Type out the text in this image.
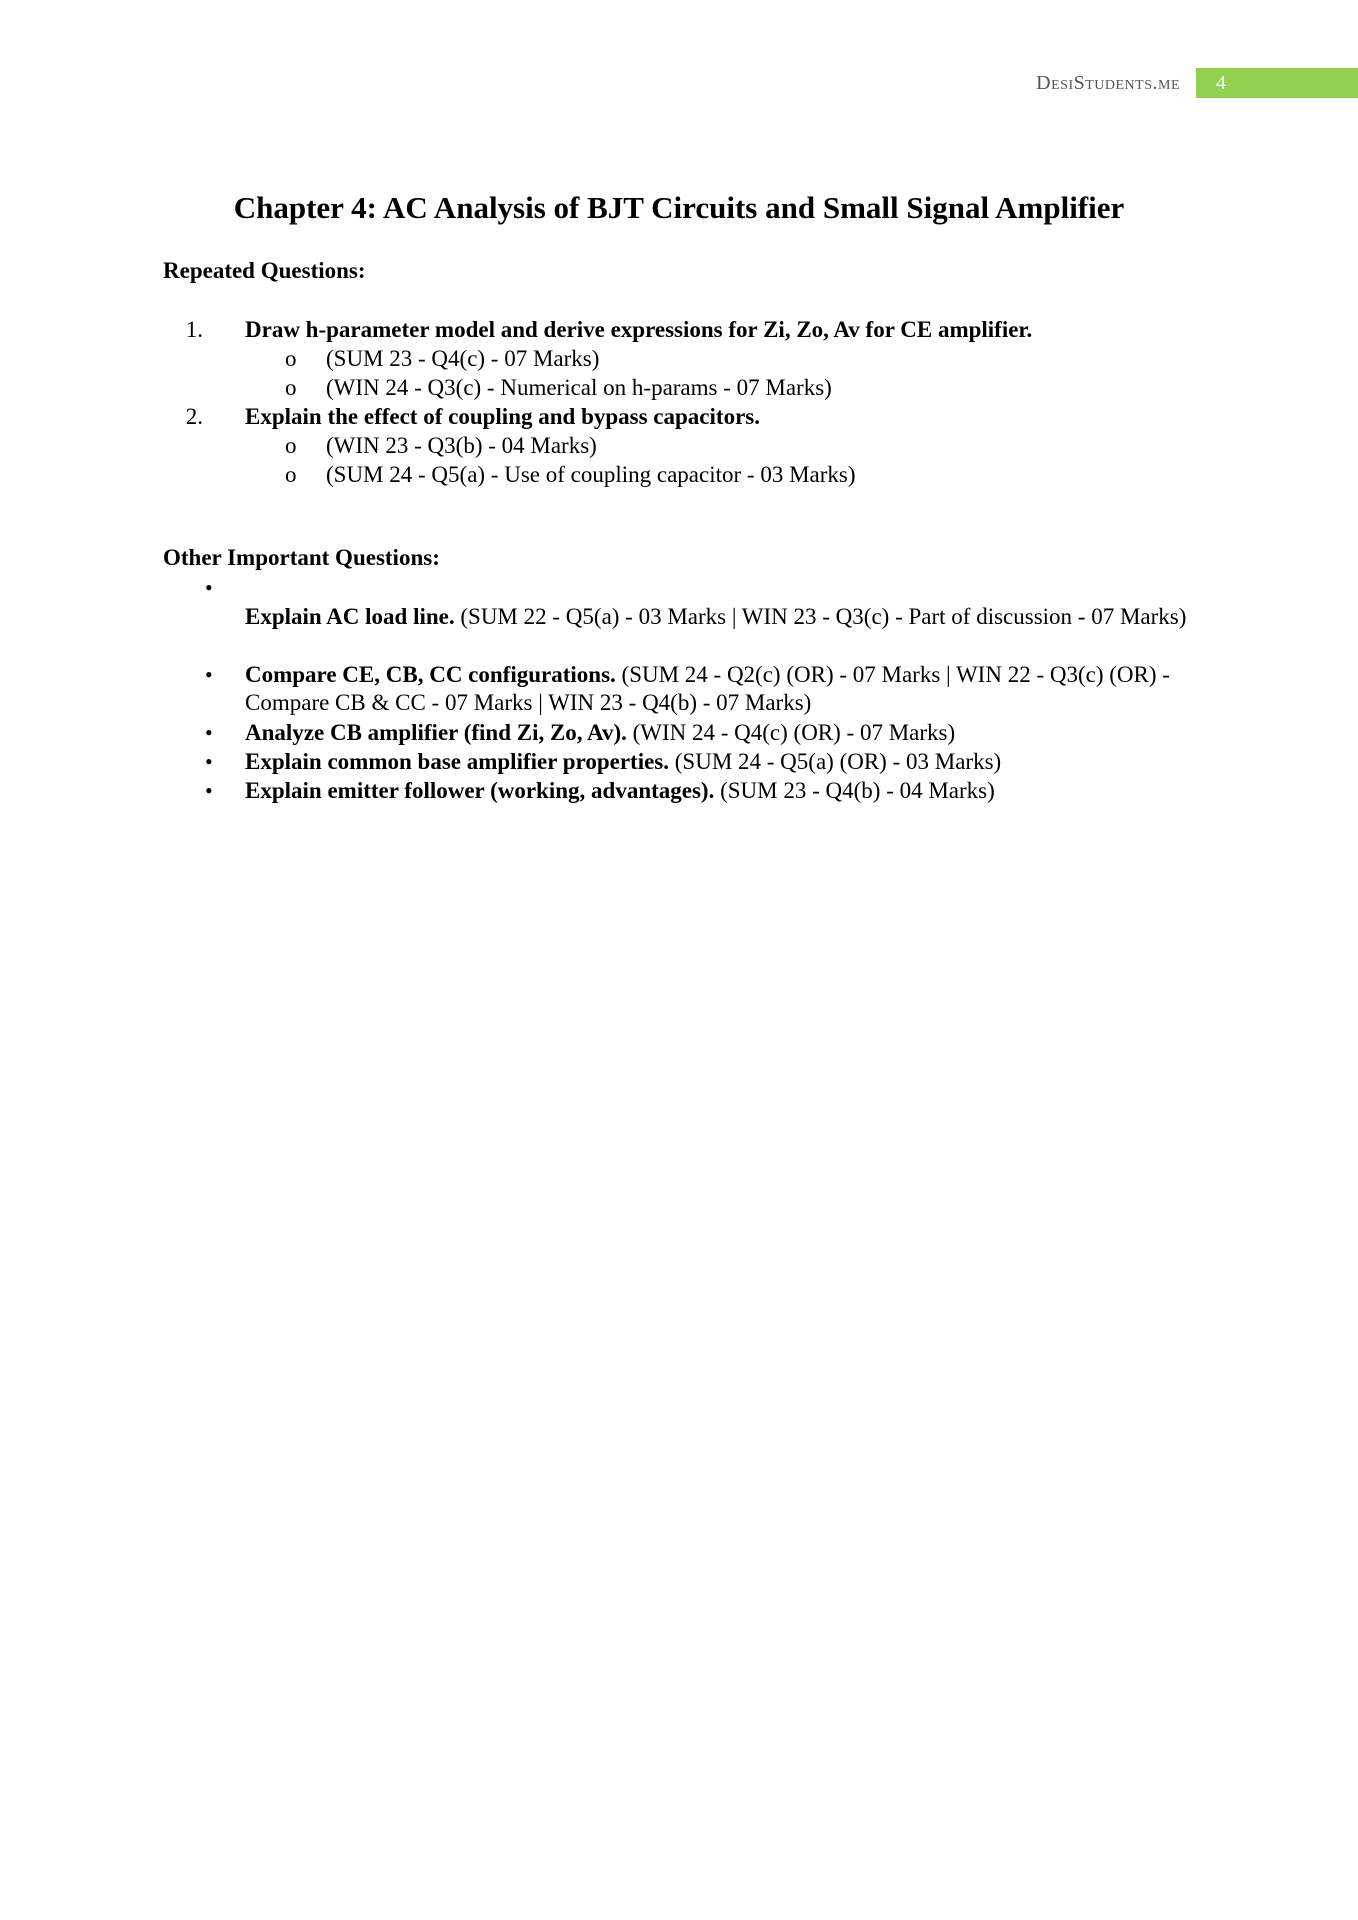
DesiStudents.me	4
Chapter 4: AC Analysis of BJT Circuits and Small Signal Amplifier
Repeated Questions:
1. Draw h-parameter model and derive expressions for Zi, Zo, Av for CE amplifier.
o (SUM 23 - Q4(c) - 07 Marks)
o (WIN 24 - Q3(c) - Numerical on h-params - 07 Marks)
2. Explain the effect of coupling and bypass capacitors.
o (WIN 23 - Q3(b) - 04 Marks)
o (SUM 24 - Q5(a) - Use of coupling capacitor - 03 Marks)
Other Important Questions:
•
Explain AC load line. (SUM 22 - Q5(a) - 03 Marks | WIN 23 - Q3(c) - Part of discussion - 07 Marks)
• Compare CE, CB, CC configurations. (SUM 24 - Q2(c) (OR) - 07 Marks | WIN 22 - Q3(c) (OR) - Compare CB & CC - 07 Marks | WIN 23 - Q4(b) - 07 Marks)
• Analyze CB amplifier (find Zi, Zo, Av). (WIN 24 - Q4(c) (OR) - 07 Marks)
• Explain common base amplifier properties. (SUM 24 - Q5(a) (OR) - 03 Marks)
• Explain emitter follower (working, advantages). (SUM 23 - Q4(b) - 04 Marks)
